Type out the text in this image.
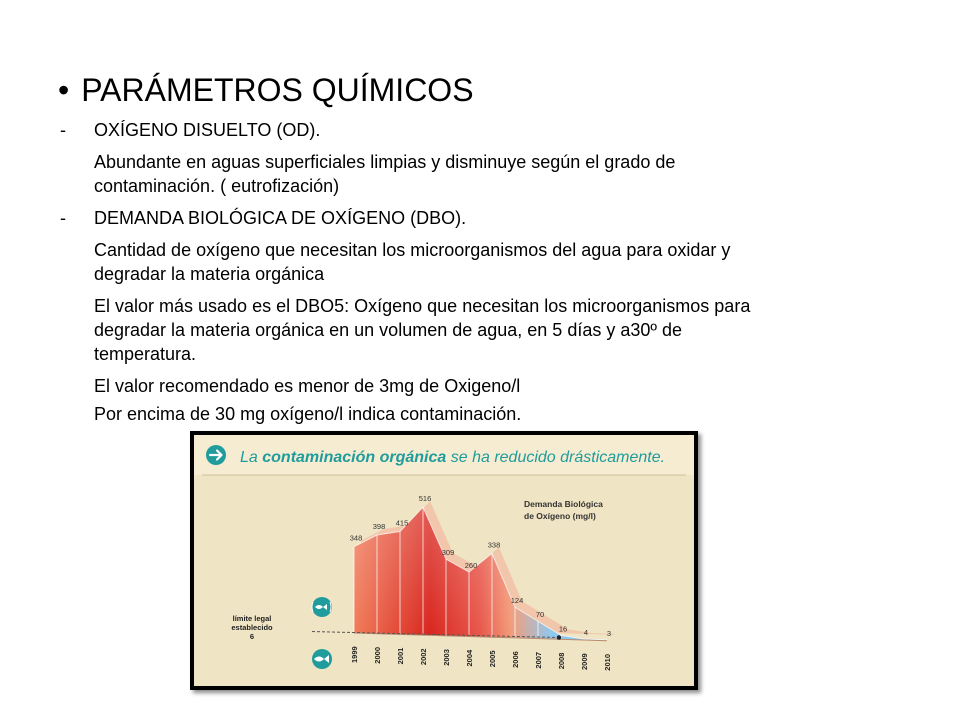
• PARÁMETROS QUÍMICOS
- OXÍGENO DISUELTO (OD).
Abundante en aguas superficiales limpias y disminuye según el grado de
contaminación. ( eutrofización)
- DEMANDA BIOLÓGICA DE OXÍGENO (DBO).
Cantidad de oxígeno que necesitan los microorganismos del agua para oxidar y
degradar la materia orgánica
El valor más usado es el DBO5: Oxígeno que necesitan los microorganismos para
degradar la materia orgánica en un volumen de agua, en 5 días y a30º de
temperatura.
El valor recomendado es menor de 3mg de Oxigeno/l
Por encima de 30 mg oxígeno/l indica contaminación.
La contaminación orgánica se ha reducido drásticamente.
348
398 415
516
309
260
338
124
70
16 4	3
1999 2000 2001 2002 2003 2004 2005 2006 2007 2008 2009 2010
límite legal
establecido
6
Demanda Biológica
de Oxígeno (mg/l)
